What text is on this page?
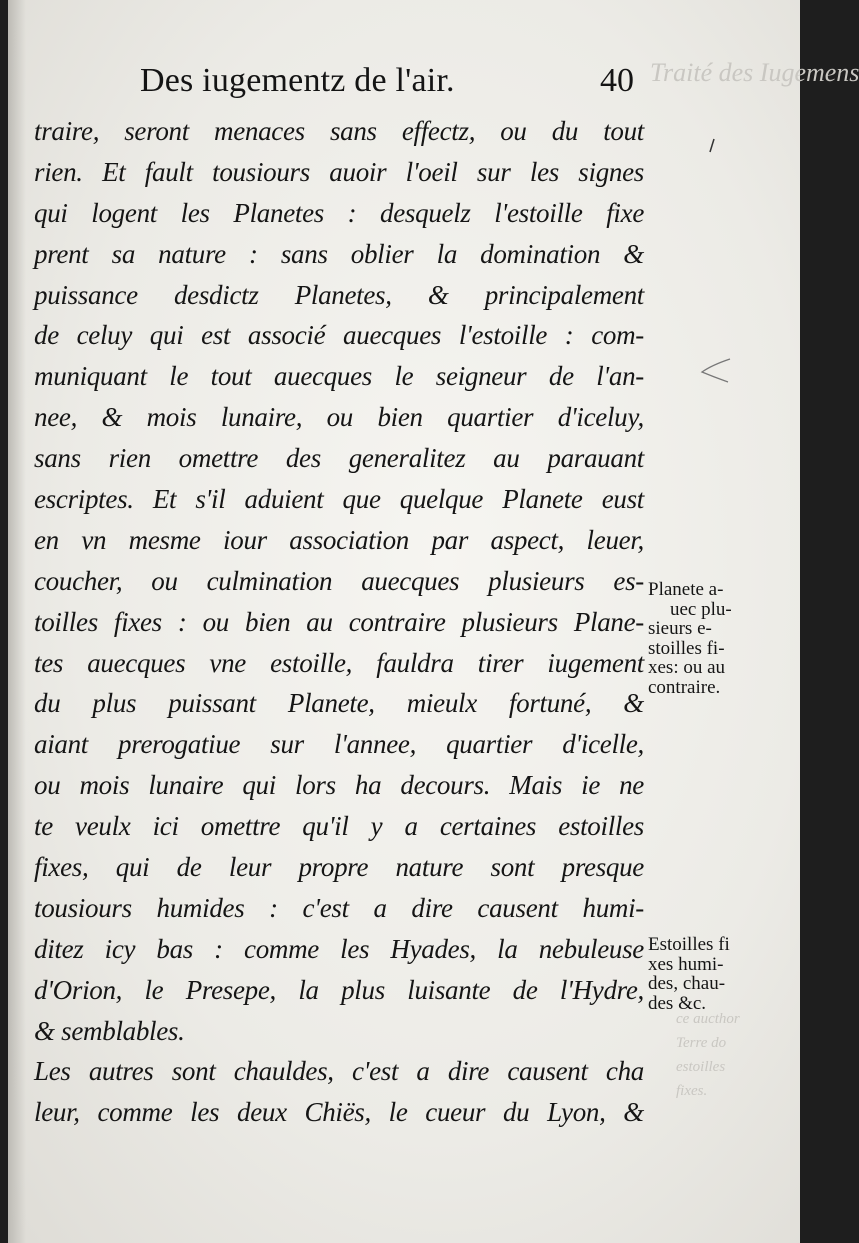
Traité des Iugemens
ce aucthor
Terre do
estoilles
fixes.
Des iugementz de l'air.	40
traire, seront menaces sans effectz, ou du tout
rien. Et fault tousiours auoir l'oeil sur les signes
qui logent les Planetes : desquelz l'estoille fixe
prent sa nature : sans oblier la domination &
puissance desdictz Planetes, & principalement
de celuy qui est associé auecques l'estoille : com-
muniquant le tout auecques le seigneur de l'an-
nee, & mois lunaire, ou bien quartier d'iceluy,
sans rien omettre des generalitez au parauant
escriptes. Et s'il aduient que quelque Planete eust
en vn mesme iour association par aspect, leuer,
coucher, ou culmination auecques plusieurs es-
toilles fixes : ou bien au contraire plusieurs Plane-
tes auecques vne estoille, fauldra tirer iugement
du plus puissant Planete, mieulx fortuné, &
aiant prerogatiue sur l'annee, quartier d'icelle,
ou mois lunaire qui lors ha decours. Mais ie ne
te veulx ici omettre qu'il y a certaines estoilles
fixes, qui de leur propre nature sont presque
tousiours humides : c'est a dire causent humi-
ditez icy bas : comme les Hyades, la nebuleuse
d'Orion, le Presepe, la plus luisante de l'Hydre,
& semblables.
Les autres sont chauldes, c'est a dire causent cha
leur, comme les deux Chiës, le cueur du Lyon, &
Planete a-
uec plu-
sieurs e-
stoilles fi-
xes: ou au
contraire.
Estoilles fi
xes humi-
des, chau-
des &c.
